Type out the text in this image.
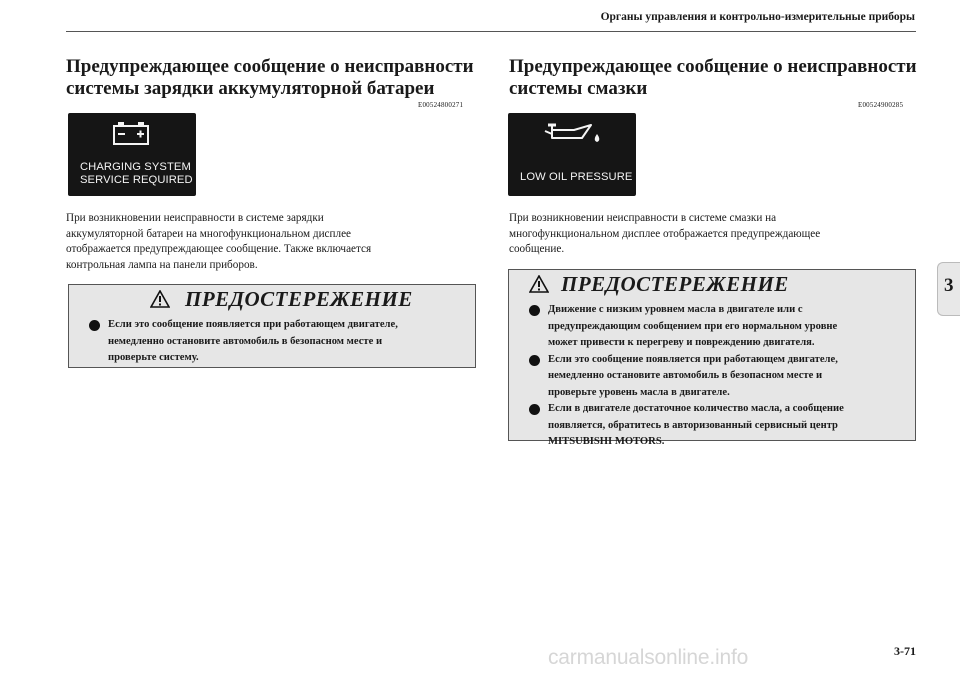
Органы управления и контрольно-измерительные приборы
Предупреждающее сообщение о неисправности
системы зарядки аккумуляторной батареи
E00524800271
CHARGING SYSTEM
SERVICE REQUIRED
При возникновении неисправности в системе зарядки
аккумуляторной батареи на многофункциональном дисплее
отображается предупреждающее сообщение. Также включается
контрольная лампа на панели приборов.
ПРЕДОСТЕРЕЖЕНИЕ
Если это сообщение появляется при работающем двигателе,
немедленно остановите автомобиль в безопасном месте и
проверьте систему.
Предупреждающее сообщение о неисправности
системы смазки
E00524900285
LOW OIL PRESSURE
При возникновении неисправности в системе смазки на
многофункциональном дисплее отображается предупреждающее
сообщение.
ПРЕДОСТЕРЕЖЕНИЕ
Движение с низким уровнем масла в двигателе или с
предупреждающим сообщением при его нормальном уровне
может привести к перегреву и повреждению двигателя.
Если это сообщение появляется при работающем двигателе,
немедленно остановите автомобиль в безопасном месте и
проверьте уровень масла в двигателе.
Если в двигателе достаточное количество масла, а сообщение
появляется, обратитесь в авторизованный сервисный центр
MITSUBISHI MOTORS.
3
3-71
carmanualsonline.info
